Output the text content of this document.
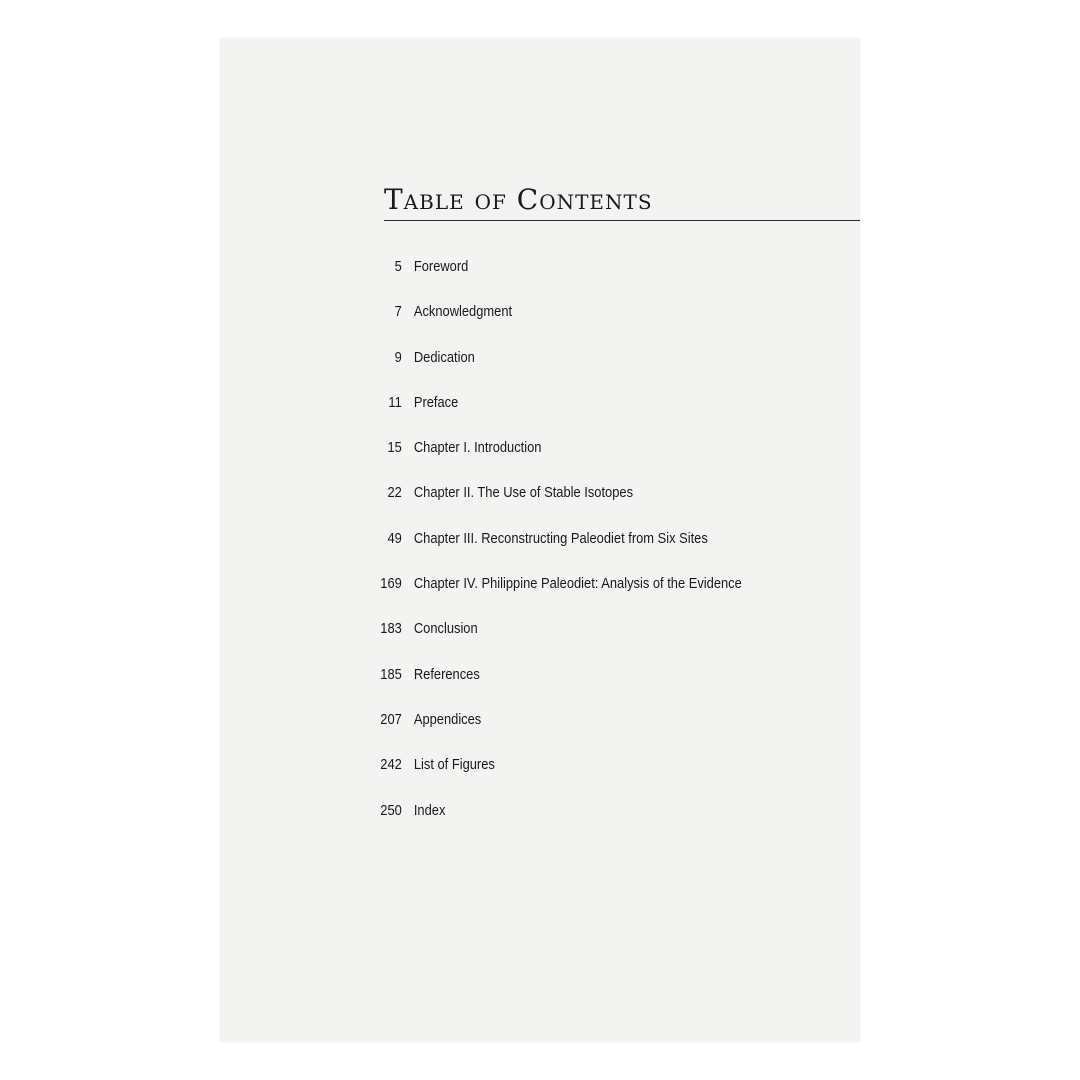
Table of Contents
5 Foreword
7 Acknowledgment
9 Dedication
11 Preface
15 Chapter I. Introduction
22 Chapter II. The Use of Stable Isotopes
49 Chapter III. Reconstructing Paleodiet from Six Sites
169 Chapter IV. Philippine Paleodiet: Analysis of the Evidence
183 Conclusion
185 References
207 Appendices
242 List of Figures
250 Index
